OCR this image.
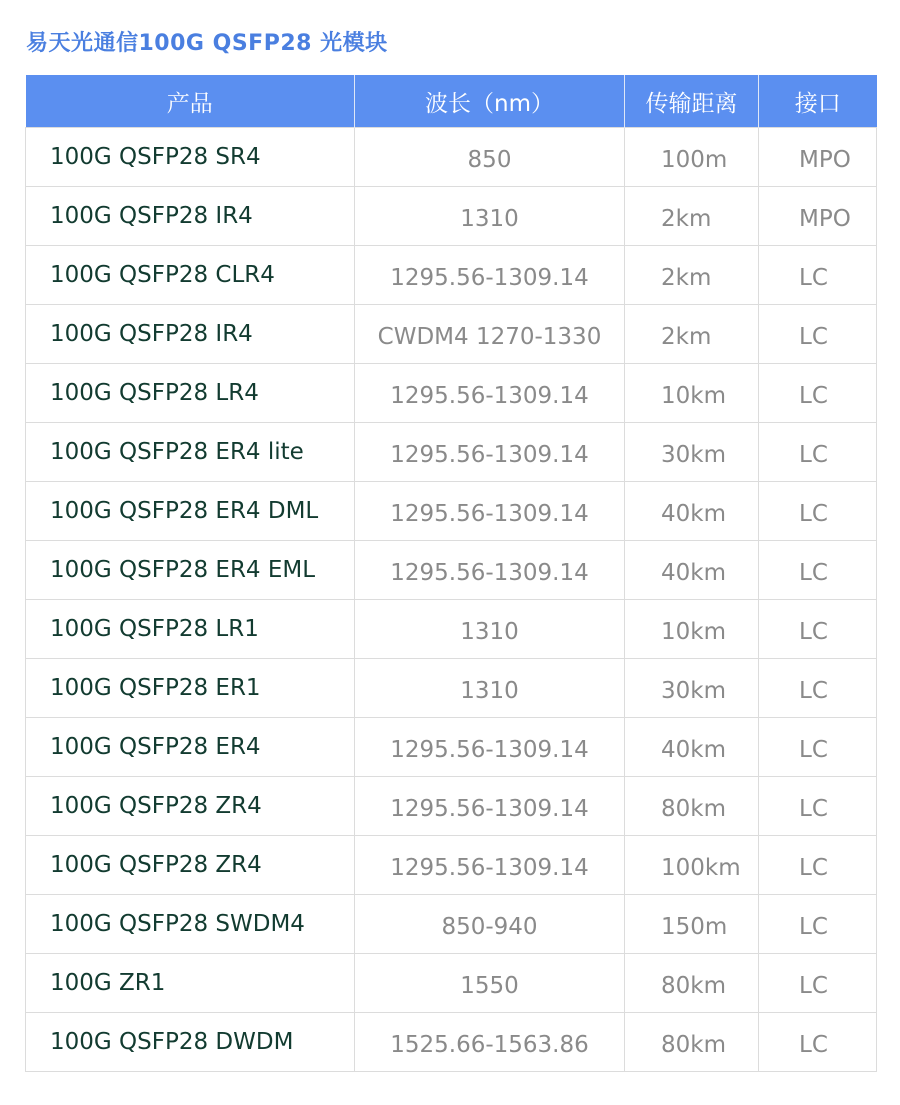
易天光通信100G QSFP28 光模块
产品	波长（nm）	传输距离	接口
100G QSFP28 SR4	850	100m	MPO
100G QSFP28 IR4	1310	2km	MPO
100G QSFP28 CLR4	1295.56-1309.14	2km	LC
100G QSFP28 IR4	CWDM4 1270-1330	2km	LC
100G QSFP28 LR4	1295.56-1309.14	10km	LC
100G QSFP28 ER4 lite	1295.56-1309.14	30km	LC
100G QSFP28 ER4 DML	1295.56-1309.14	40km	LC
100G QSFP28 ER4 EML	1295.56-1309.14	40km	LC
100G QSFP28 LR1	1310	10km	LC
100G QSFP28 ER1	1310	30km	LC
100G QSFP28 ER4	1295.56-1309.14	40km	LC
100G QSFP28 ZR4	1295.56-1309.14	80km	LC
100G QSFP28 ZR4	1295.56-1309.14	100km	LC
100G QSFP28 SWDM4	850-940	150m	LC
100G ZR1	1550	80km	LC
100G QSFP28 DWDM	1525.66-1563.86	80km	LC
